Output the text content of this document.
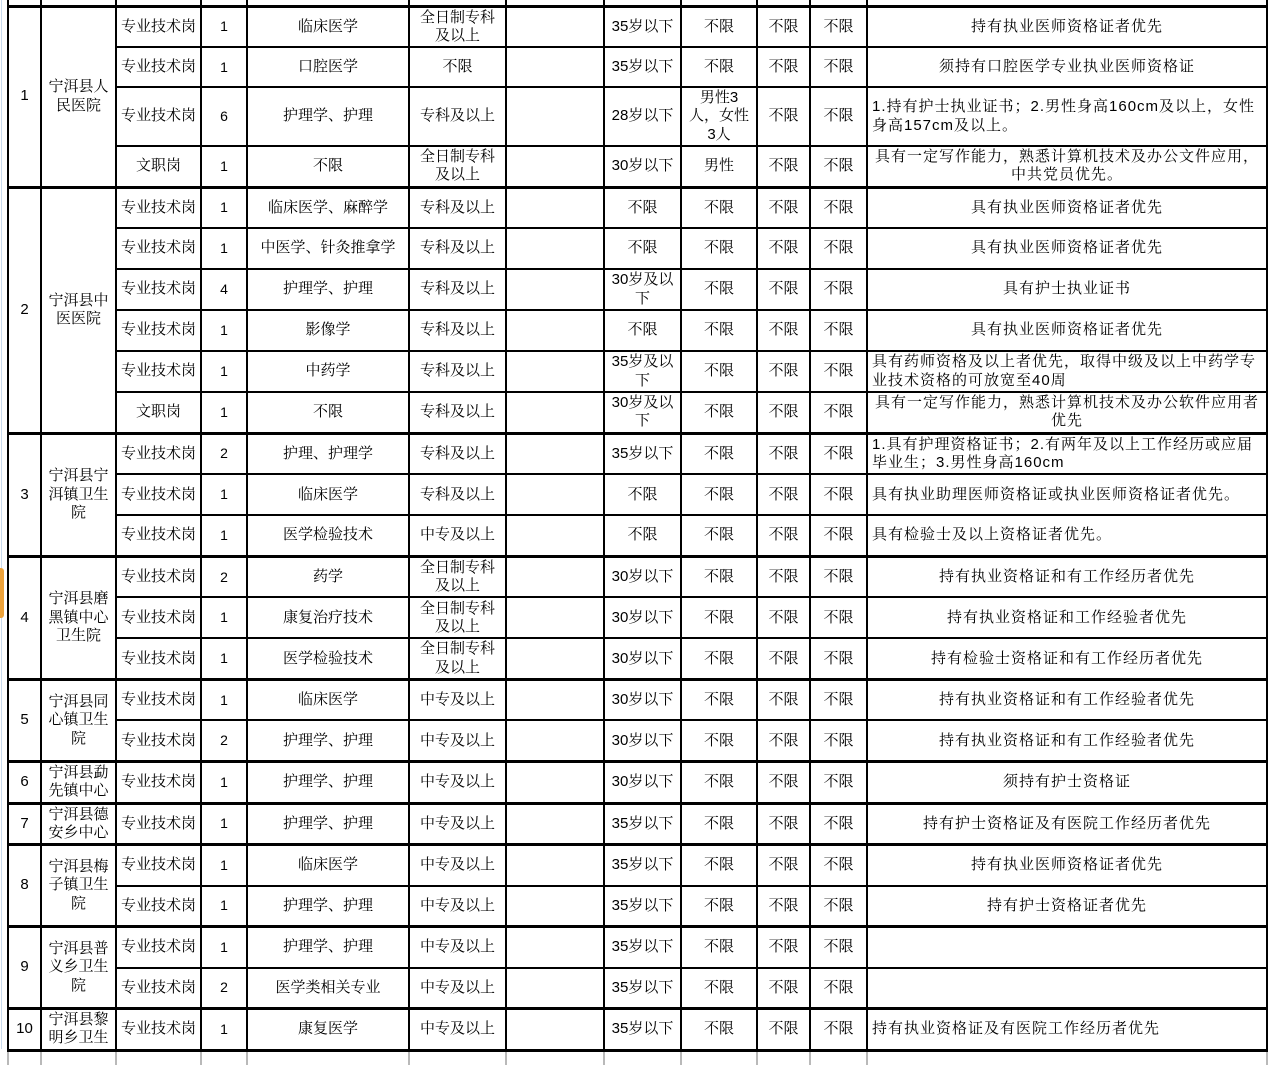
1	宁洱县人民医院	专业技术岗	1	临床医学	全日制专科及以上		35岁以下	不限	不限	不限	持有执业医师资格证者优先
		专业技术岗	1	口腔医学	不限		35岁以下	不限	不限	不限	须持有口腔医学专业执业医师资格证
		专业技术岗	6	护理学、护理	专科及以上		28岁以下	男性3人，女性3人	不限	不限	1.持有护士执业证书；2.男性身高160cm及以上，女性身高157cm及以上。
		文职岗	1	不限	全日制专科及以上		30岁以下	男性	不限	不限	具有一定写作能力，熟悉计算机技术及办公文件应用，中共党员优先。
2	宁洱县中医医院	专业技术岗	1	临床医学、麻醉学	专科及以上		不限	不限	不限	不限	具有执业医师资格证者优先
		专业技术岗	1	中医学、针灸推拿学	专科及以上		不限	不限	不限	不限	具有执业医师资格证者优先
		专业技术岗	4	护理学、护理	专科及以上		30岁及以下	不限	不限	不限	具有护士执业证书
		专业技术岗	1	影像学	专科及以上		不限	不限	不限	不限	具有执业医师资格证者优先
		专业技术岗	1	中药学	专科及以上		35岁及以下	不限	不限	不限	具有药师资格及以上者优先，取得中级及以上中药学专业技术资格的可放宽至40周
		文职岗	1	不限	专科及以上		30岁及以下	不限	不限	不限	具有一定写作能力，熟悉计算机技术及办公软件应用者优先
3	宁洱县宁洱镇卫生院	专业技术岗	2	护理、护理学	专科及以上		35岁以下	不限	不限	不限	1.具有护理资格证书；2.有两年及以上工作经历或应届毕业生；3.男性身高160cm
		专业技术岗	1	临床医学	专科及以上		不限	不限	不限	不限	具有执业助理医师资格证或执业医师资格证者优先。
		专业技术岗	1	医学检验技术	中专及以上		不限	不限	不限	不限	具有检验士及以上资格证者优先。
4	宁洱县磨黑镇中心卫生院	专业技术岗	2	药学	全日制专科及以上		30岁以下	不限	不限	不限	持有执业资格证和有工作经历者优先
		专业技术岗	1	康复治疗技术	全日制专科及以上		30岁以下	不限	不限	不限	持有执业资格证和工作经验者优先
		专业技术岗	1	医学检验技术	全日制专科及以上		30岁以下	不限	不限	不限	持有检验士资格证和有工作经历者优先
5	宁洱县同心镇卫生院	专业技术岗	1	临床医学	中专及以上		30岁以下	不限	不限	不限	持有执业资格证和有工作经验者优先
		专业技术岗	2	护理学、护理	中专及以上		30岁以下	不限	不限	不限	持有执业资格证和有工作经验者优先
6	宁洱县勐先镇中心	专业技术岗	1	护理学、护理	中专及以上		30岁以下	不限	不限	不限	须持有护士资格证
7	宁洱县德安乡中心	专业技术岗	1	护理学、护理	中专及以上		35岁以下	不限	不限	不限	持有护士资格证及有医院工作经历者优先
8	宁洱县梅子镇卫生院	专业技术岗	1	临床医学	中专及以上		35岁以下	不限	不限	不限	持有执业医师资格证者优先
		专业技术岗	1	护理学、护理	中专及以上		35岁以下	不限	不限	不限	持有护士资格证者优先
9	宁洱县普义乡卫生院	专业技术岗	1	护理学、护理	中专及以上		35岁以下	不限	不限	不限	
		专业技术岗	2	医学类相关专业	中专及以上		35岁以下	不限	不限	不限	
10	宁洱县黎明乡卫生	专业技术岗	1	康复医学	中专及以上		35岁以下	不限	不限	不限	持有执业资格证及有医院工作经历者优先
